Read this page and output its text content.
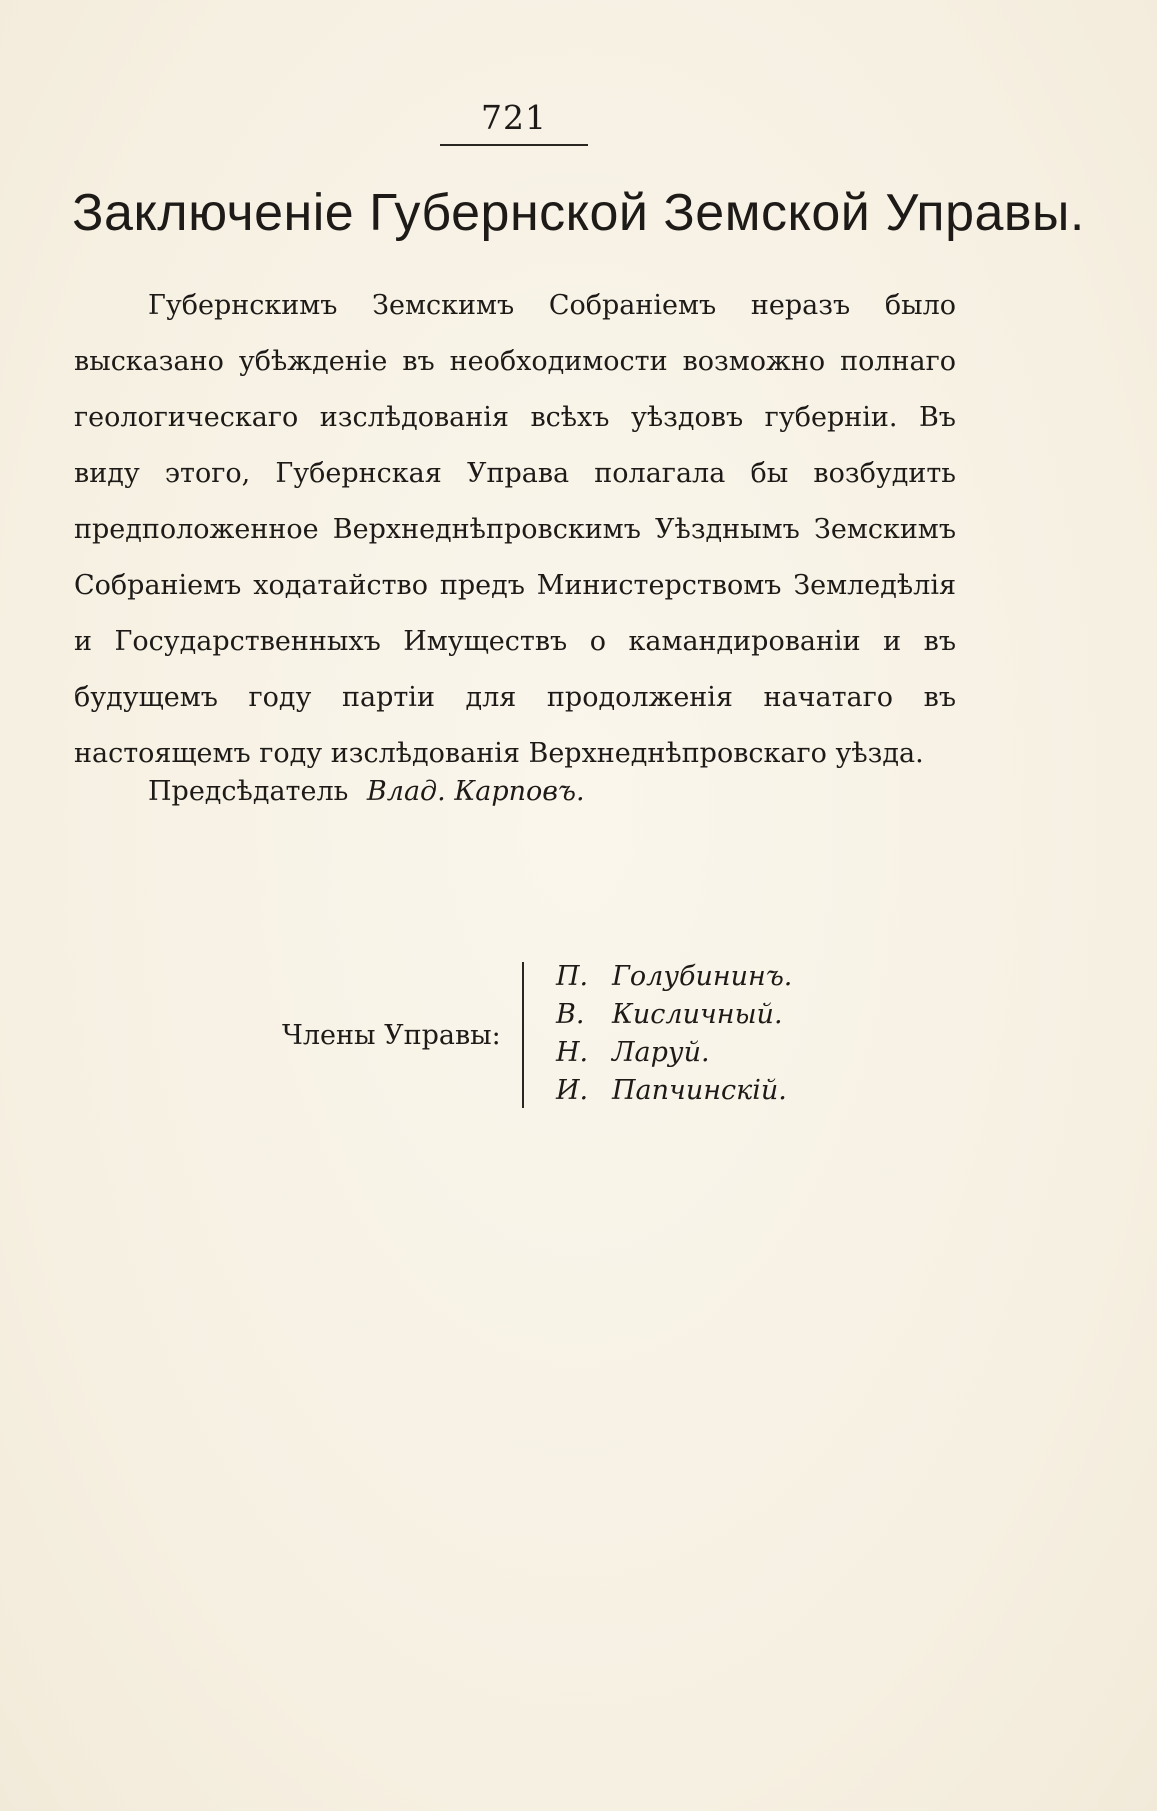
721
Заключеніе Губернской Земской Управы.

Губернскимъ Земскимъ Собраніемъ неразъ было высказано убѣжденіе въ необходимости возможно полнаго геологическаго изслѣдованія всѣхъ уѣздовъ губерніи. Въ виду этого, Губернская Управа полагала бы возбудить предположенное Верхнеднѣпровскимъ Уѣзднымъ Земскимъ Собраніемъ ходатайство предъ Министерствомъ Земледѣлія и Государственныхъ Имуществъ о камандированіи и въ будущемъ году партіи для продолженія начатаго въ настоящемъ году изслѣдованія Верхнеднѣпровскаго уѣзда.

Предсѣдатель Влад. Карповъ.
Члены Управы:
П. Голубининъ.
В. Кисличный.
Н. Ларуй.
И. Папчинскій.
